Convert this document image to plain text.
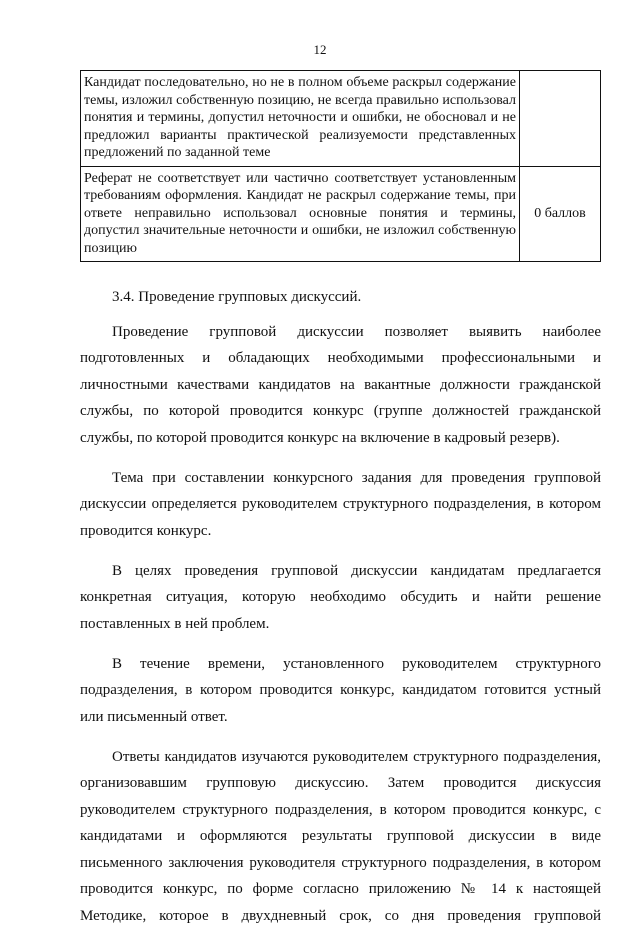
12
Кандидат последовательно, но не в полном объеме раскрыл содержание темы, изложил собственную позицию, не всегда правильно использовал понятия и термины, допустил неточности и ошибки, не обосновал и не предложил варианты практической реализуемости представленных предложений по заданной теме	
Реферат не соответствует или частично соответствует установленным требованиям оформления. Кандидат не раскрыл содержание темы, при ответе неправильно использовал основные понятия и термины, допустил значительные неточности и ошибки, не изложил собственную позицию	0 баллов

3.4. Проведение групповых дискуссий.

Проведение групповой дискуссии позволяет выявить наиболее подготовленных и обладающих необходимыми профессиональными и личностными качествами кандидатов на вакантные должности гражданской службы, по которой проводится конкурс (группе должностей гражданской службы, по которой проводится конкурс на включение в кадровый резерв).

Тема при составлении конкурсного задания для проведения групповой дискуссии определяется руководителем структурного подразделения, в котором проводится конкурс.

В целях проведения групповой дискуссии кандидатам предлагается конкретная ситуация, которую необходимо обсудить и найти решение поставленных в ней проблем.

В течение времени, установленного руководителем структурного подразделения, в котором проводится конкурс, кандидатом готовится устный или письменный ответ.

Ответы кандидатов изучаются руководителем структурного подразделения, организовавшим групповую дискуссию. Затем проводится дискуссия руководителем структурного подразделения, в котором проводится конкурс, с кандидатами и оформляются результаты групповой дискуссии в виде письменного заключения руководителя структурного подразделения, в котором проводится конкурс, по форме согласно приложению № 14 к настоящей Методике, которое в двухдневный срок, со дня проведения групповой
